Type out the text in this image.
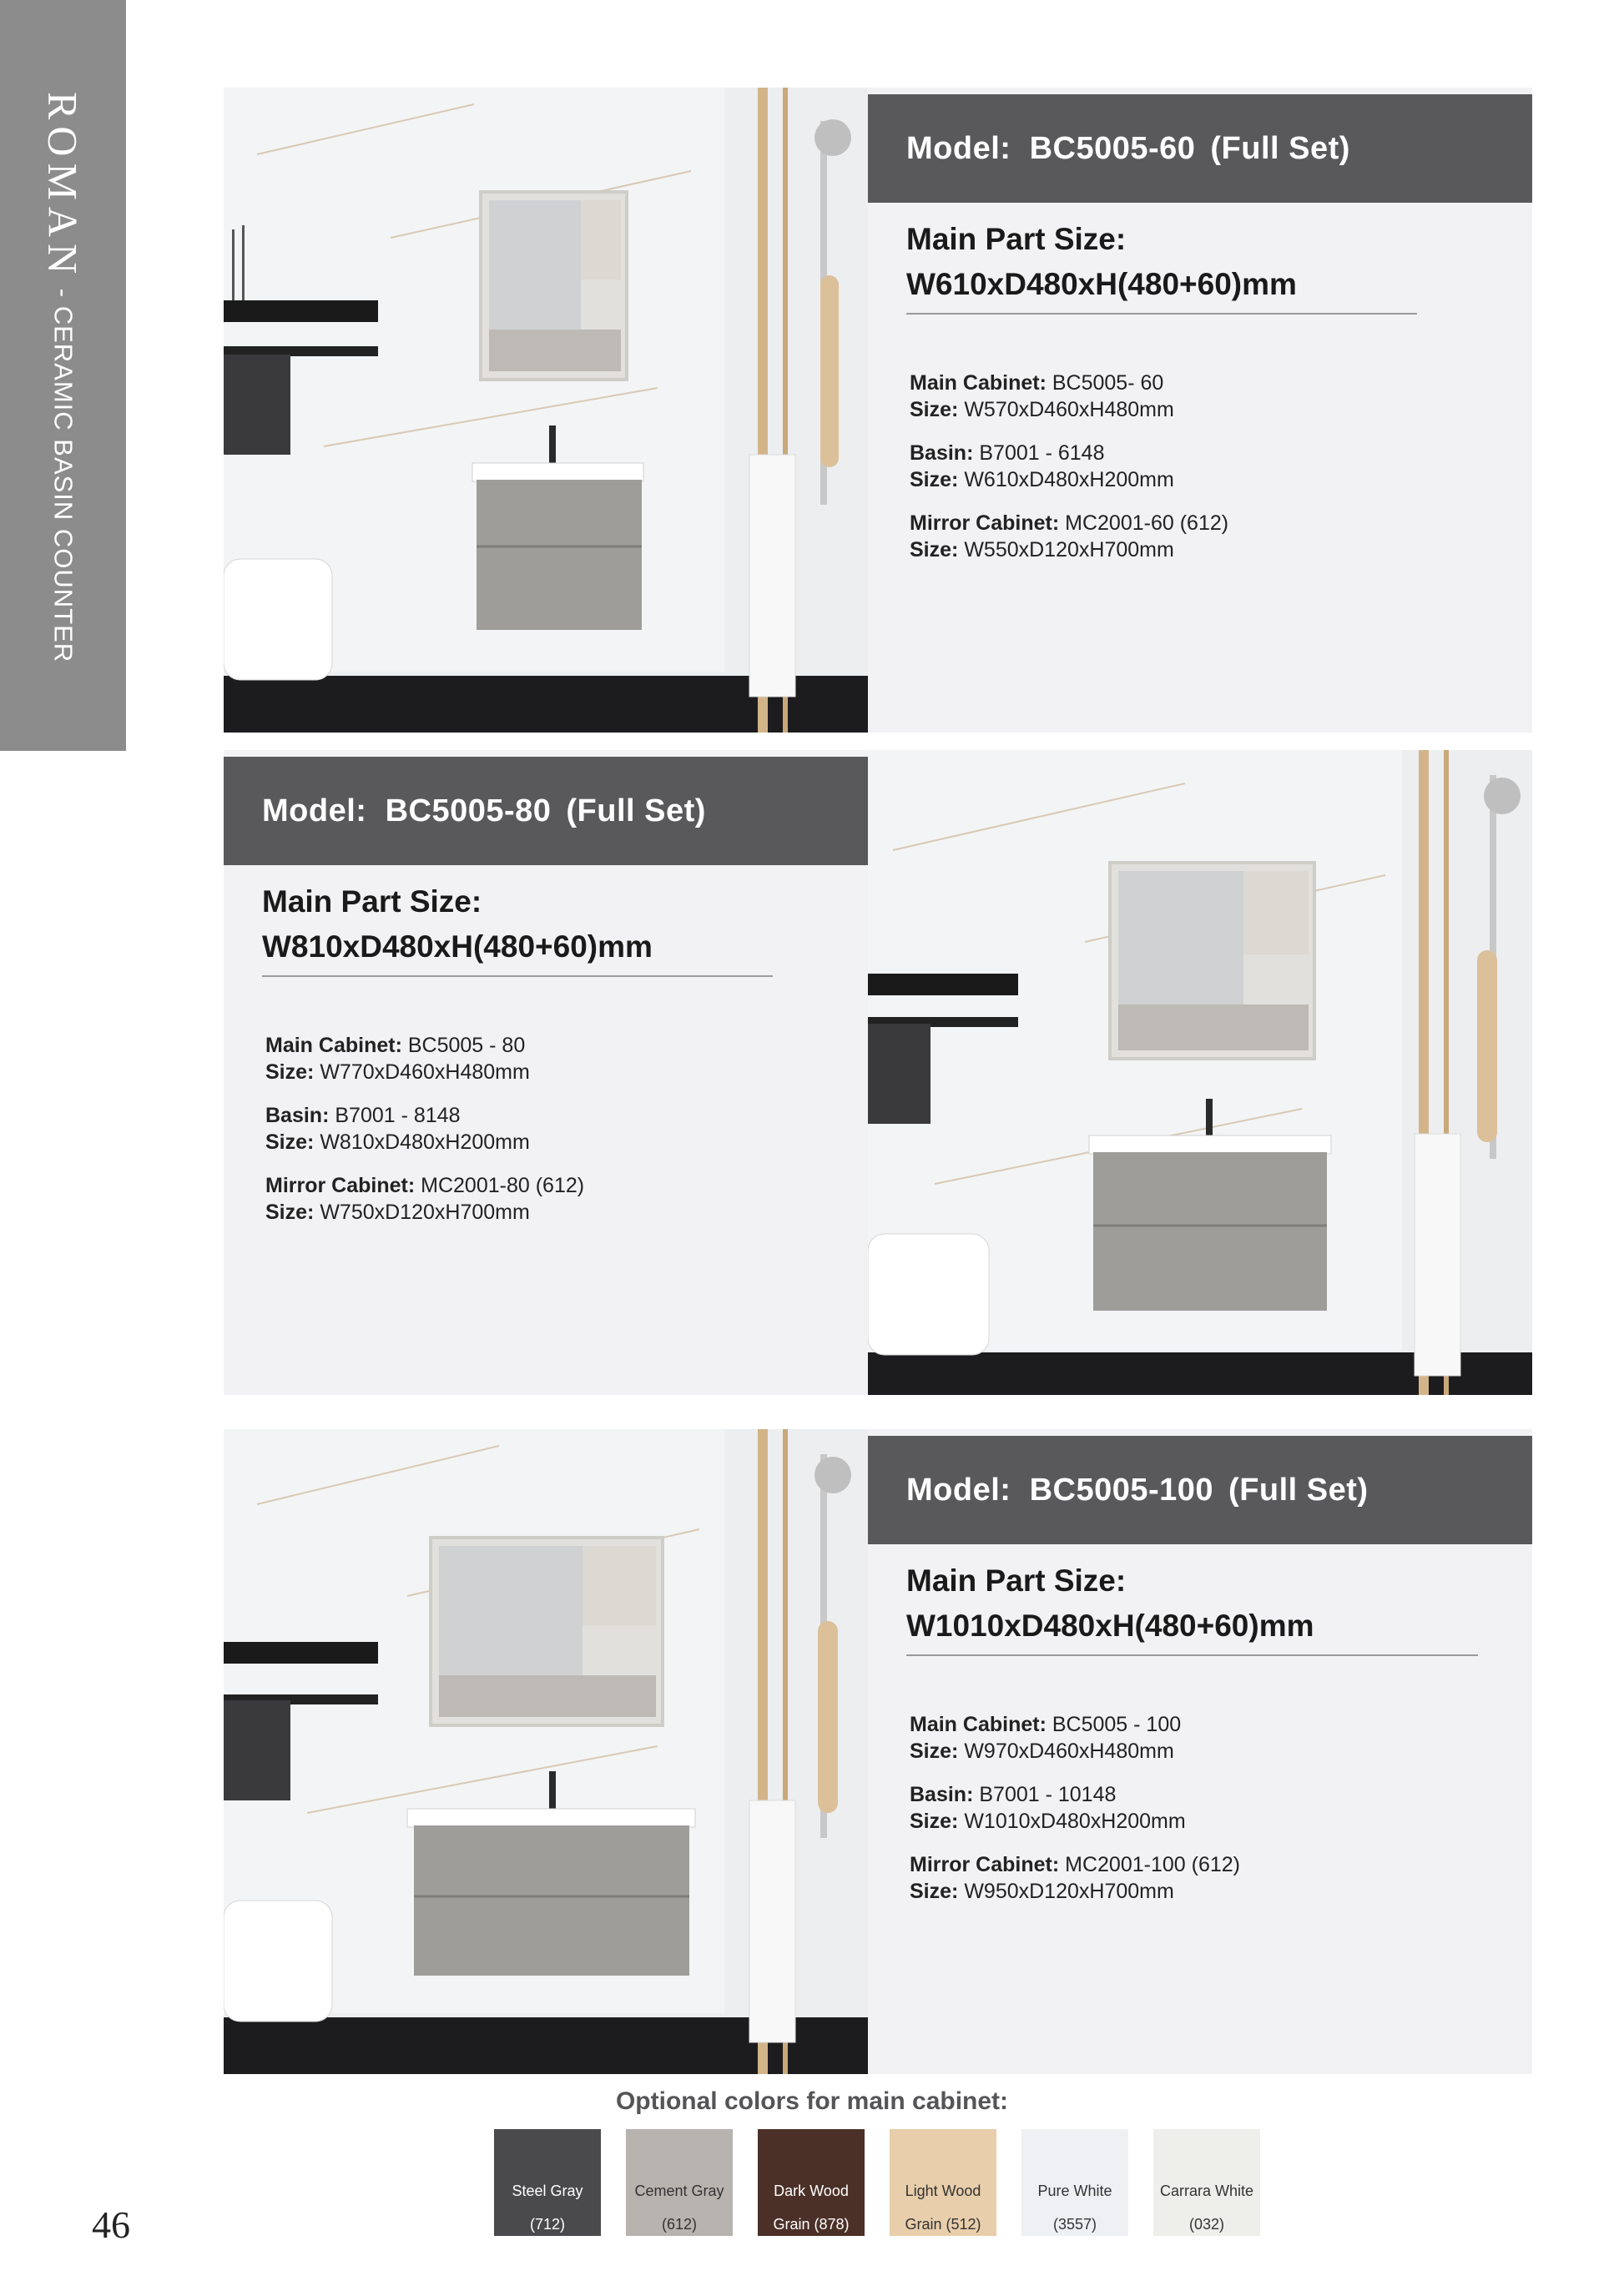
ROMAN - CERAMIC BASIN COUNTER
Model:
BC5005-60 (Full Set)
Main Part Size:
W610xD480xH(480+60)mm
Main Cabinet: BC5005- 60
Size: W570xD460xH480mm
Basin: B7001 - 6148
Size: W610xD480xH200mm
Mirror Cabinet: MC2001-60 (612)
Size: W550xD120xH700mm
Model:
BC5005-80 (Full Set)
Main Part Size:
W810xD480xH(480+60)mm
Main Cabinet: BC5005 - 80
Size: W770xD460xH480mm
Basin: B7001 - 8148
Size: W810xD480xH200mm
Mirror Cabinet: MC2001-80 (612)
Size: W750xD120xH700mm
Model:
BC5005-100 (Full Set)
Main Part Size:
W1010xD480xH(480+60)mm
Main Cabinet: BC5005 - 100
Size: W970xD460xH480mm
Basin: B7001 - 10148
Size: W1010xD480xH200mm
Mirror Cabinet: MC2001-100 (612)
Size: W950xD120xH700mm
Optional colors for main cabinet:
Steel Gray

(712)
Cement Gray

(612)
Dark Wood

Grain (878)
Light Wood

Grain (512)
Pure White

(3557)
Carrara White

(032)
46
